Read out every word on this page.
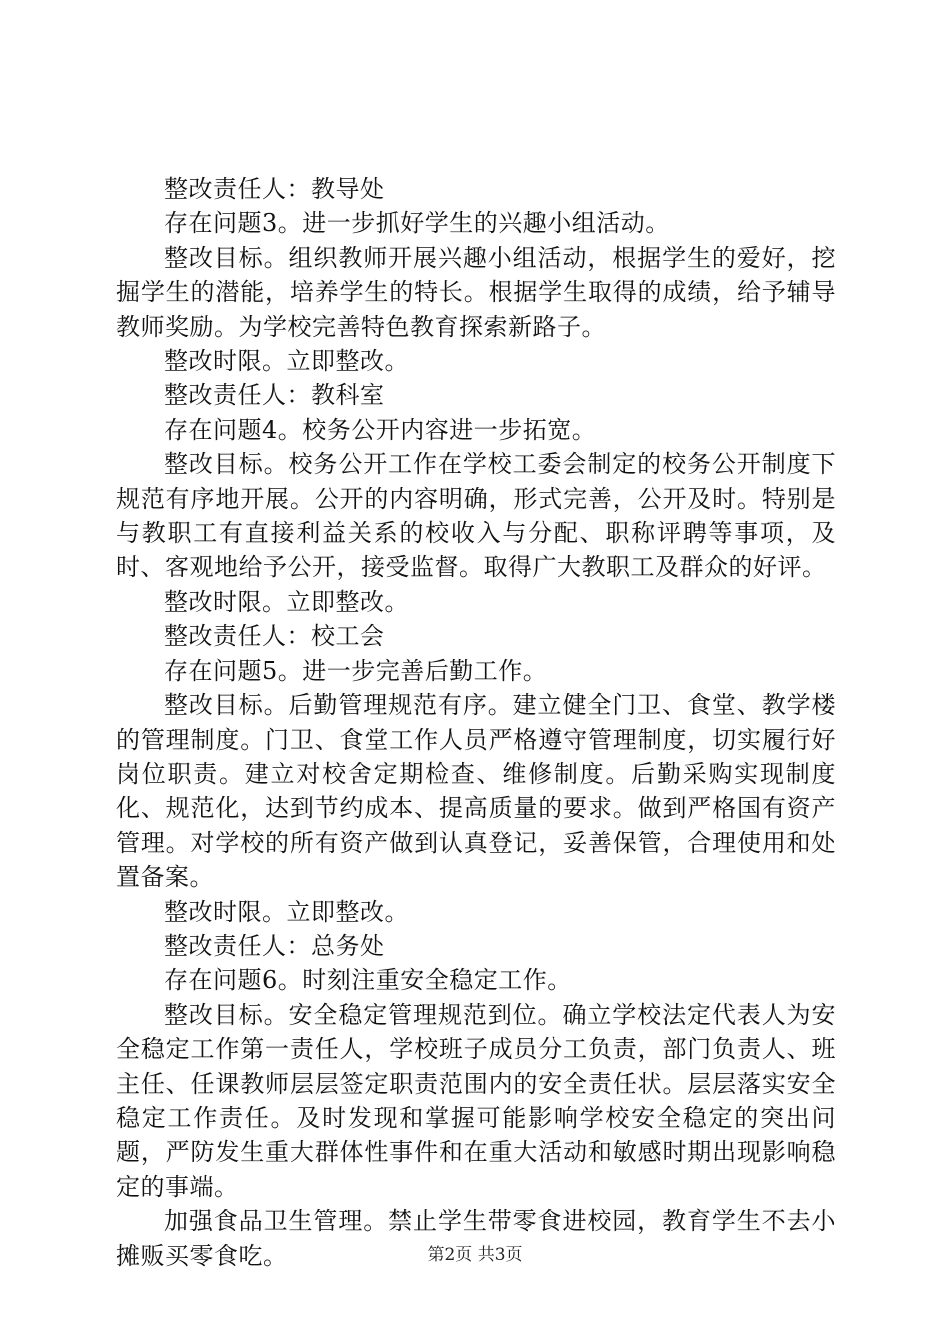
整改责任人：教导处

存在问题3。进一步抓好学生的兴趣小组活动。

整改目标。组织教师开展兴趣小组活动，根据学生的爱好，挖掘学生的潜能，培养学生的特长。根据学生取得的成绩，给予辅导教师奖励。为学校完善特色教育探索新路子。

整改时限。立即整改。

整改责任人：教科室

存在问题4。校务公开内容进一步拓宽。

整改目标。校务公开工作在学校工委会制定的校务公开制度下规范有序地开展。公开的内容明确，形式完善，公开及时。特别是与教职工有直接利益关系的校收入与分配、职称评聘等事项，及时、客观地给予公开，接受监督。取得广大教职工及群众的好评。

整改时限。立即整改。

整改责任人：校工会

存在问题5。进一步完善后勤工作。

整改目标。后勤管理规范有序。建立健全门卫、食堂、教学楼的管理制度。门卫、食堂工作人员严格遵守管理制度，切实履行好岗位职责。建立对校舍定期检查、维修制度。后勤采购实现制度化、规范化，达到节约成本、提高质量的要求。做到严格国有资产管理。对学校的所有资产做到认真登记，妥善保管，合理使用和处置备案。

整改时限。立即整改。

整改责任人：总务处

存在问题6。时刻注重安全稳定工作。

整改目标。安全稳定管理规范到位。确立学校法定代表人为安全稳定工作第一责任人，学校班子成员分工负责，部门负责人、班主任、任课教师层层签定职责范围内的安全责任状。层层落实安全稳定工作责任。及时发现和掌握可能影响学校安全稳定的突出问题，严防发生重大群体性事件和在重大活动和敏感时期出现影响稳定的事端。

加强食品卫生管理。禁止学生带零食进校园，教育学生不去小摊贩买零食吃。	第2页 共3页
